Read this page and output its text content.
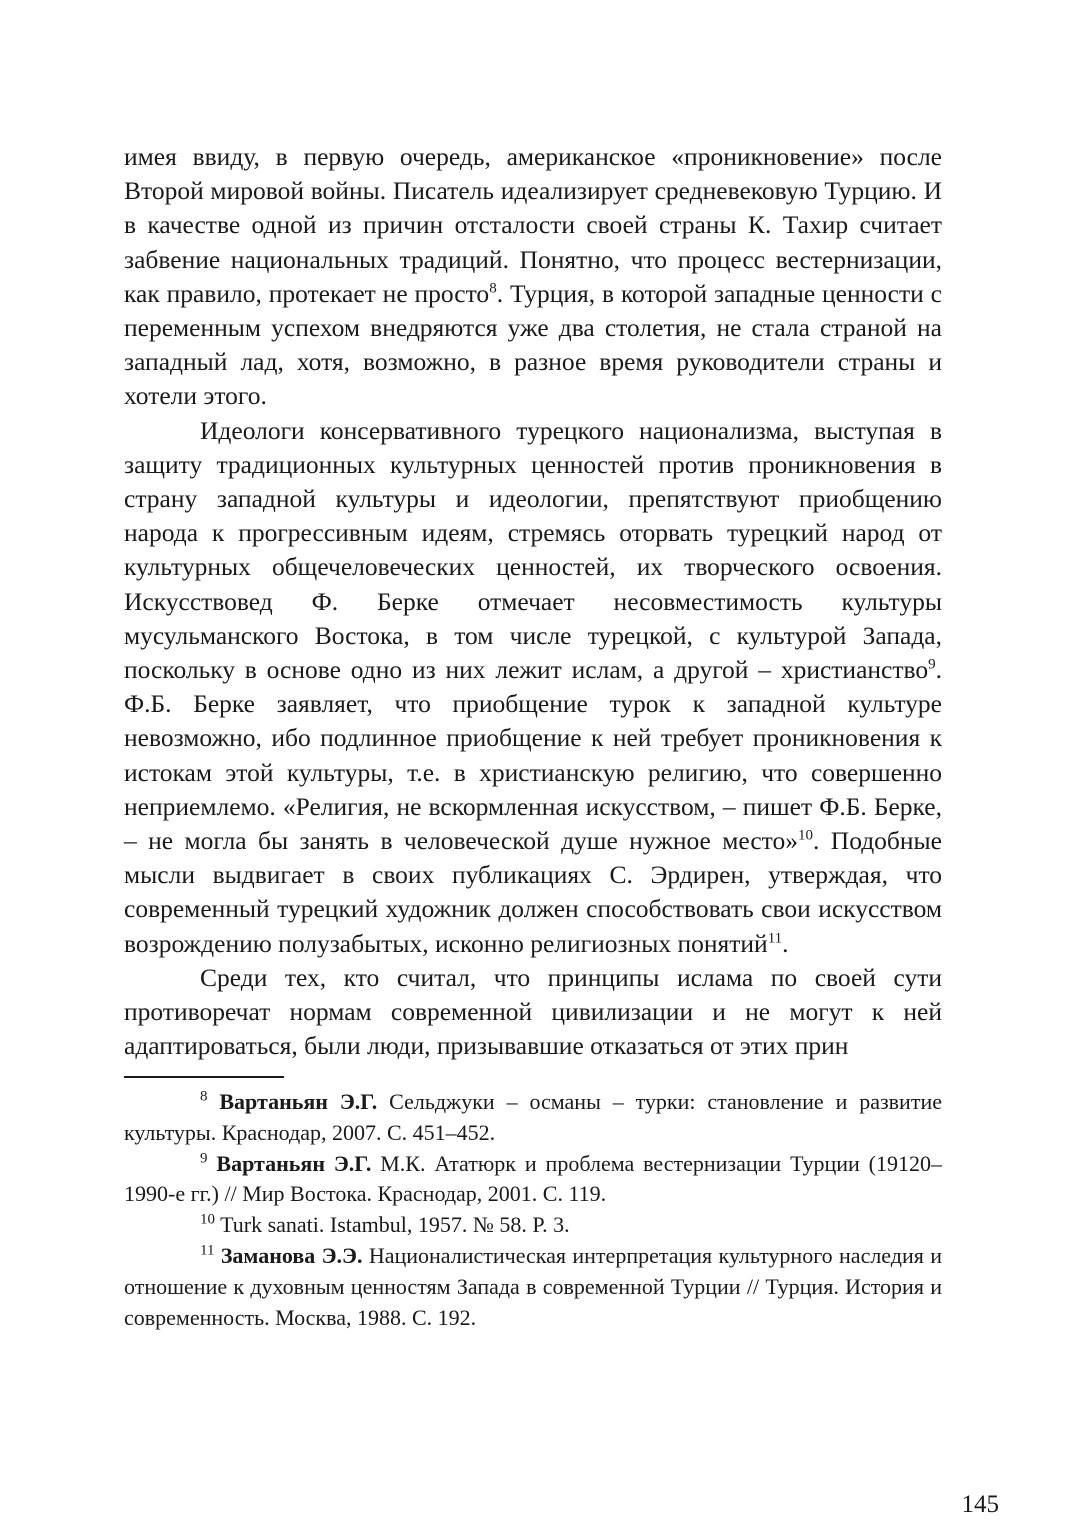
имея ввиду, в первую очередь, американское «проникновение» после Второй мировой войны. Писатель идеализирует средневековую Турцию. И в качестве одной из причин отсталости своей страны К. Тахир считает забвение национальных традиций. Понятно, что процесс вестернизации, как правило, протекает не просто$^8$. Турция, в которой западные ценности с переменным успехом внедряются уже два столетия, не стала страной на западный лад, хотя, возможно, в разное время руководители страны и хотели этого.

Идеологи консервативного турецкого национализма, выступая в защиту традиционных культурных ценностей против проникновения в страну западной культуры и идеологии, препятствуют приобщению народа к прогрессивным идеям, стремясь оторвать турецкий народ от культурных общечеловеческих ценностей, их творческого освоения. Искусствовед Ф. Берке отмечает несовместимость культуры мусульманского Востока, в том числе турецкой, с культурой Запада, поскольку в основе одно из них лежит ислам, а другой – христианство$^9$. Ф.Б. Берке заявляет, что приобщение турок к западной культуре невозможно, ибо подлинное приобщение к ней требует проникновения к истокам этой культуры, т.е. в христианскую религию, что совершенно неприемлемо. «Религия, не вскормленная искусством, – пишет Ф.Б. Берке, – не могла бы занять в человеческой душе нужное место»$^{10}$. Подобные мысли выдвигает в своих публикациях С. Эрдирен, утверждая, что современный турецкий художник должен способствовать свои искусством возрождению полузабытых, исконно религиозных понятий$^{11}$.

Среди тех, кто считал, что принципы ислама по своей сути противоречат нормам современной цивилизации и не могут к ней адаптироваться, были люди, призывавшие отказаться от этих прин

$^8$ Вартаньян Э.Г. Сельджуки – османы – турки: становление и развитие культуры. Краснодар, 2007. С. 451–452.

$^9$ Вартаньян Э.Г. М.К. Ататюрк и проблема вестернизации Турции (19120–1990-е гг.) // Мир Востока. Краснодар, 2001. С. 119.

$^{10}$ Turk sanati. Istambul, 1957. № 58. P. 3.

$^{11}$ Заманова Э.Э. Националистическая интерпретация культурного наследия и отношение к духовным ценностям Запада в современной Турции // Турция. История и современность. Москва, 1988. С. 192.

145
